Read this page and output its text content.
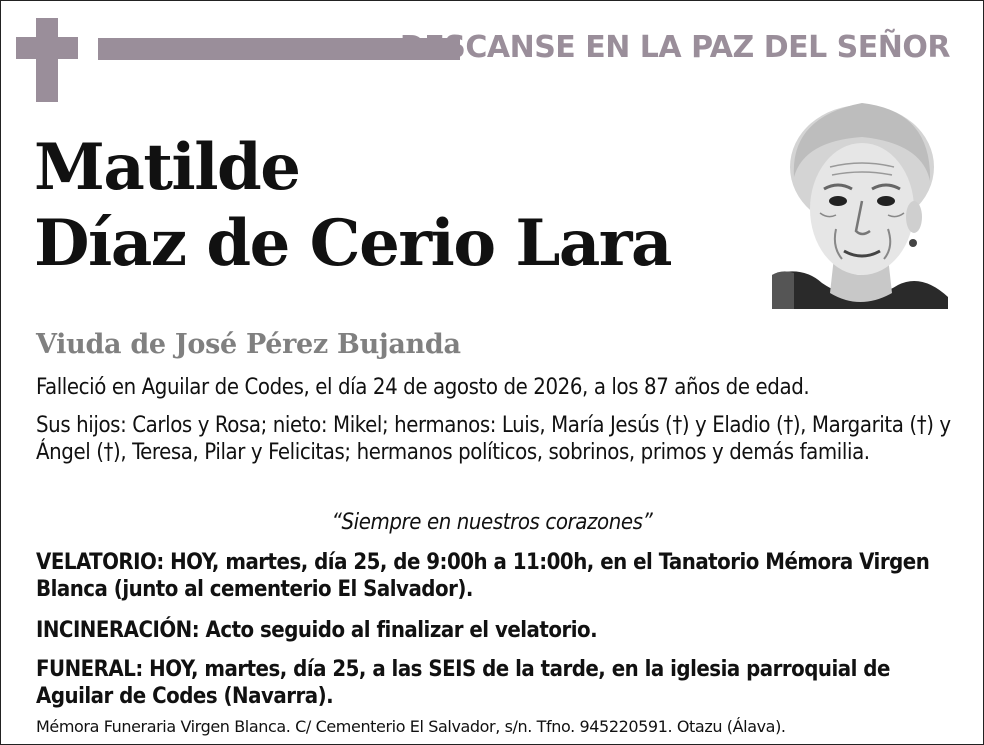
DESCANSE EN LA PAZ DEL SEÑOR
Matilde
Díaz de Cerio Lara
Viuda de José Pérez Bujanda
Falleció en Aguilar de Codes, el día 24 de agosto de 2026, a los 87 años de edad.
Sus hijos: Carlos y Rosa; nieto: Mikel; hermanos: Luis, María Jesús (†) y Eladio (†), Margarita (†) y Ángel (†), Teresa, Pilar y Felicitas; hermanos políticos, sobrinos, primos y demás familia.
“Siempre en nuestros corazones”
VELATORIO: HOY, martes, día 25, de 9:00h a 11:00h, en el Tanatorio Mémora Virgen Blanca (junto al cementerio El Salvador).
INCINERACIÓN: Acto seguido al finalizar el velatorio.
FUNERAL: HOY, martes, día 25, a las SEIS de la tarde, en la iglesia parroquial de Aguilar de Codes (Navarra).
Mémora Funeraria Virgen Blanca. C/ Cementerio El Salvador, s/n. Tfno. 945220591. Otazu (Álava).
